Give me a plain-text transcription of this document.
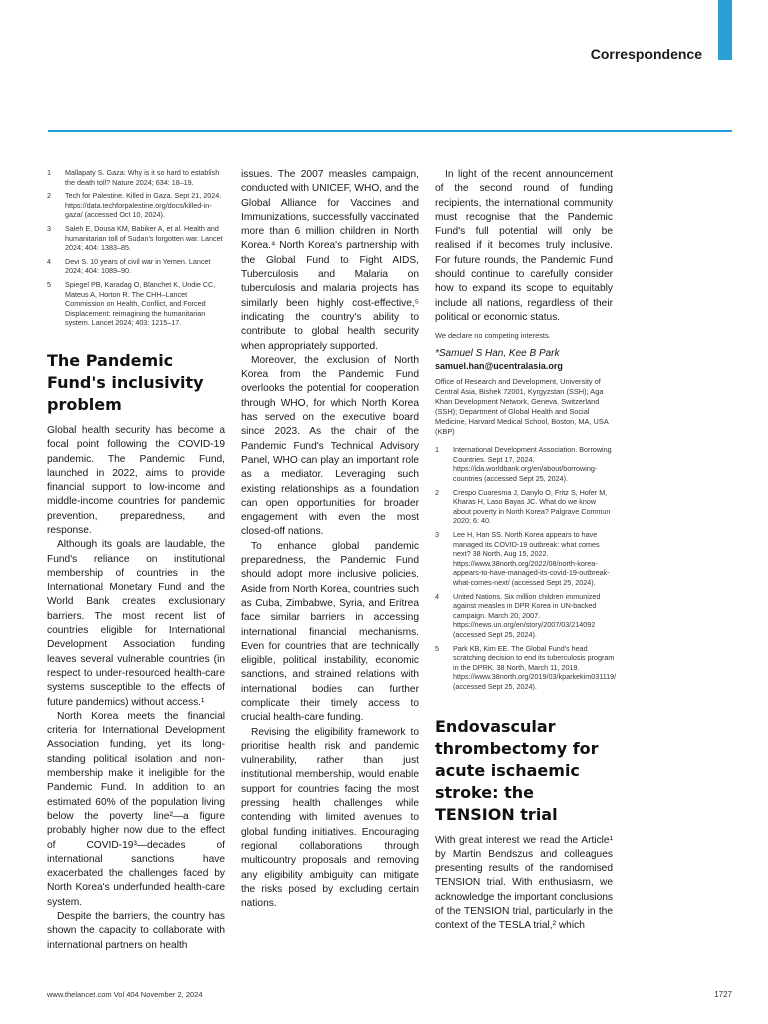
Correspondence
1	Mallapaty S. Gaza: Why is it so hard to establish the death toll? Nature 2024; 634: 18–19.
2	Tech for Palestine. Killed in Gaza. Sept 21, 2024. https://data.techforpalestine.org/docs/killed-in-gaza/ (accessed Oct 10, 2024).
3	Saleh E, Dousa KM, Babiker A, et al. Health and humanitarian toll of Sudan's forgotten war. Lancet 2024; 404: 1383–85.
4	Devi S. 10 years of civil war in Yemen. Lancet 2024; 404: 1089–90.
5	Spiegel PB, Karadag O, Blanchet K, Undie CC, Mateus A, Horton R. The CHH–Lancet Commission on Health, Conflict, and Forced Displacement: reimagining the humanitarian system. Lancet 2024; 403: 1215–17.
The Pandemic Fund's inclusivity problem

Global health security has become a focal point following the COVID-19 pandemic. The Pandemic Fund, launched in 2022, aims to provide financial support to low-income and middle-income countries for pandemic prevention, preparedness, and response.

Although its goals are laudable, the Fund's reliance on institutional membership of countries in the International Monetary Fund and the World Bank creates exclusionary barriers. The most recent list of countries eligible for International Development Association funding leaves several vulnerable countries (in respect to under-resourced health-care systems susceptible to the effects of future pandemics) without access.¹

North Korea meets the financial criteria for International Development Association funding, yet its long-standing political isolation and non-membership make it ineligible for the Pandemic Fund. In addition to an estimated 60% of the population living below the poverty line²—a figure probably higher now due to the effect of COVID-19³—decades of international sanctions have exacerbated the challenges faced by North Korea's underfunded health-care system.

Despite the barriers, the country has shown the capacity to collaborate with international partners on health

issues. The 2007 measles campaign, conducted with UNICEF, WHO, and the Global Alliance for Vaccines and Immunizations, successfully vaccinated more than 6 million children in North Korea.⁴ North Korea's partnership with the Global Fund to Fight AIDS, Tuberculosis and Malaria on tuberculosis and malaria projects has similarly been highly cost-effective,⁵ indicating the country's ability to contribute to global health security when appropriately supported.

Moreover, the exclusion of North Korea from the Pandemic Fund overlooks the potential for cooperation through WHO, for which North Korea has served on the executive board since 2023. As the chair of the Pandemic Fund's Technical Advisory Panel, WHO can play an important role as a mediator. Leveraging such existing relationships as a foundation can open opportunities for broader engagement with even the most closed-off nations.

To enhance global pandemic preparedness, the Pandemic Fund should adopt more inclusive policies. Aside from North Korea, countries such as Cuba, Zimbabwe, Syria, and Eritrea face similar barriers in accessing international financial mechanisms. Even for countries that are technically eligible, political instability, economic sanctions, and strained relations with international bodies can further complicate their timely access to crucial health-care funding.

Revising the eligibility framework to prioritise health risk and pandemic vulnerability, rather than just institutional membership, would enable support for countries facing the most pressing health challenges while contending with limited avenues to global funding initiatives. Encouraging regional collaborations through multicountry proposals and removing any eligibility ambiguity can mitigate the risks posed by excluding certain nations.

In light of the recent announcement of the second round of funding recipients, the international community must recognise that the Pandemic Fund's full potential will only be realised if it becomes truly inclusive. For future rounds, the Pandemic Fund should continue to carefully consider how to expand its scope to equitably include all nations, regardless of their political or economic status.

We declare no competing interests.
*Samuel S Han, Kee B Park
samuel.han@ucentralasia.org
Office of Research and Development, University of Central Asia, Bishek 72001, Kyrgyzstan (SSH); Aga Khan Development Network, Geneva, Switzerland (SSH); Department of Global Health and Social Medicine, Harvard Medical School, Boston, MA, USA (KBP)
1	International Development Association. Borrowing Countries. Sept 17, 2024. https://ida.worldbank.org/en/about/borrowing-countries (accessed Sept 25, 2024).
2	Crespo Cuaresma J, Danylo O, Fritz S, Hofer M, Kharas H, Laso Bayas JC. What do we know about poverty in North Korea? Palgrave Commun 2020; 6: 40.
3	Lee H, Han SS. North Korea appears to have managed its COVID-19 outbreak: what comes next? 38 North, Aug 15, 2022. https://www.38north.org/2022/08/north-korea-appears-to-have-managed-its-covid-19-outbreak-what-comes-next/ (accessed Sept 25, 2024).
4	United Nations. Six million children immunized against measles in DPR Korea in UN-backed campaign. March 20, 2007. https://news.un.org/en/story/2007/03/214092 (accessed Sept 25, 2024).
5	Park KB, Kim EE. The Global Fund's head scratching decision to end its tuberculosis program in the DPRK. 38 North, March 11, 2019. https://www.38north.org/2019/03/kparkekim031119/ (accessed Sept 25, 2024).
Endovascular thrombectomy for acute ischaemic stroke: the TENSION trial

With great interest we read the Article¹ by Martin Bendszus and colleagues presenting results of the randomised TENSION trial. With enthusiasm, we acknowledge the important conclusions of the TENSION trial, particularly in the context of the TESLA trial,² which

www.thelancet.com Vol 404 November 2, 2024	1727
